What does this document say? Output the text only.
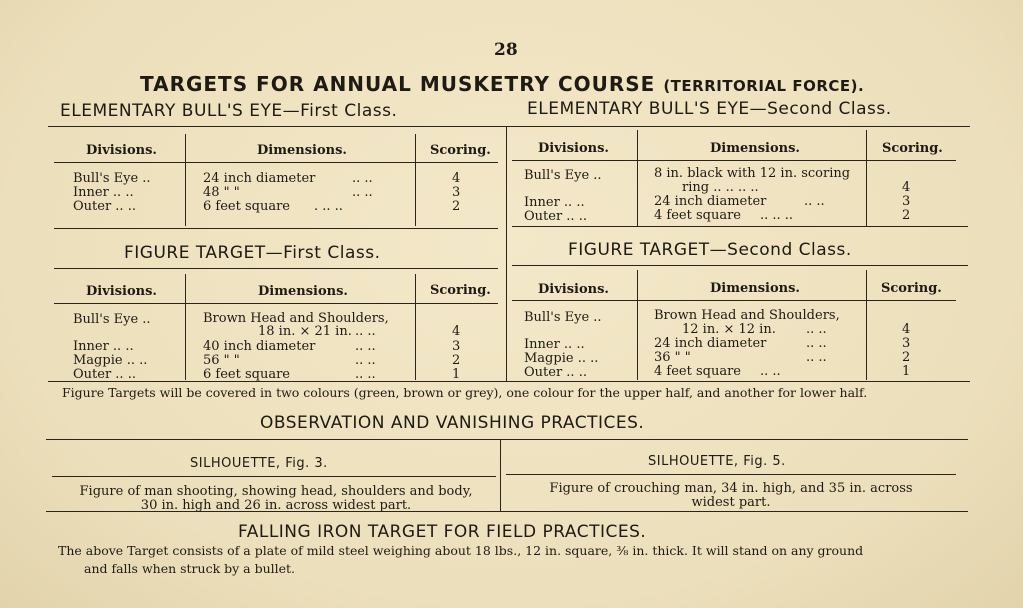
28
TARGETS FOR ANNUAL MUSKETRY COURSE (TERRITORIAL FORCE).
ELEMENTARY BULL'S EYE—First Class.	ELEMENTARY BULL'S EYE—Second Class.
Divisions.	Dimensions.	Scoring.
Bull's Eye ..	24 inch diameter	.. ..	4
Inner .. ..	48 " "	.. ..	3
Outer .. ..	6 feet square . .. ..	2
Divisions.	Dimensions.	Scoring.
Bull's Eye ..	8 in. black with 12 in. scoring
ring .. .. .. ..	4
Inner .. ..	24 inch diameter	.. ..	3
Outer .. ..	4 feet square .. .. ..	2
FIGURE TARGET—First Class.	FIGURE TARGET—Second Class.
Divisions.	Dimensions.	Scoring.
Bull's Eye ..	Brown Head and Shoulders,
18 in. × 21 in. .. ..	4
Inner .. ..	40 inch diameter	.. ..	3
Magpie .. ..	56 " "	.. ..	2
Outer .. ..	6 feet square	.. ..	1
Divisions.	Dimensions.	Scoring.
Bull's Eye ..	Brown Head and Shoulders,
12 in. × 12 in. .. ..	4
Inner .. ..	24 inch diameter	.. ..	3
Magpie .. ..	36 " "	.. ..	2
Outer .. ..	4 feet square .. ..	1
Figure Targets will be covered in two colours (green, brown or grey), one colour for the upper half, and another for lower half.
OBSERVATION AND VANISHING PRACTICES.
SILHOUETTE, Fig. 3.	SILHOUETTE, Fig. 5.
Figure of man shooting, showing head, shoulders and body,
30 in. high and 26 in. across widest part.
Figure of crouching man, 34 in. high, and 35 in. across
widest part.
FALLING IRON TARGET FOR FIELD PRACTICES.
The above Target consists of a plate of mild steel weighing about 18 lbs., 12 in. square, ⅜ in. thick. It will stand on any ground
and falls when struck by a bullet.
